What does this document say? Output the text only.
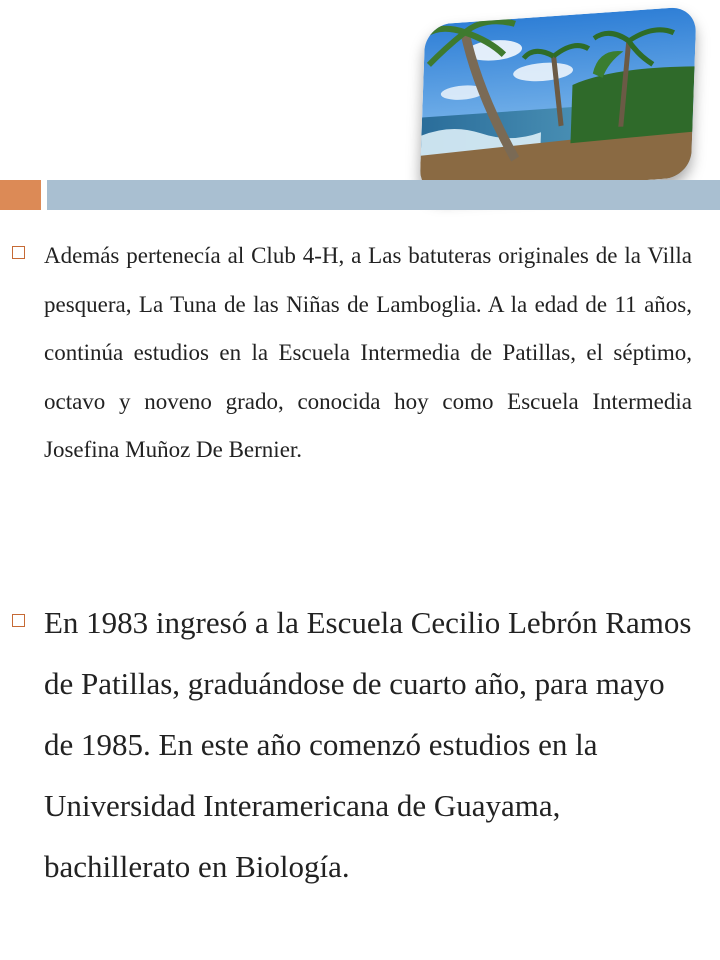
Además pertenecía al Club 4-H, a Las batuteras originales de la Villa pesquera, La Tuna de las Niñas de Lamboglia. A la edad de 11 años, continúa estudios en la Escuela Intermedia de Patillas, el séptimo, octavo y noveno grado, conocida hoy como Escuela Intermedia Josefina Muñoz De Bernier.
En 1983 ingresó a la Escuela Cecilio Lebrón Ramos de Patillas, graduándose de cuarto año, para mayo de 1985. En este año comenzó estudios en la Universidad Interamericana de Guayama, bachillerato en Biología.
